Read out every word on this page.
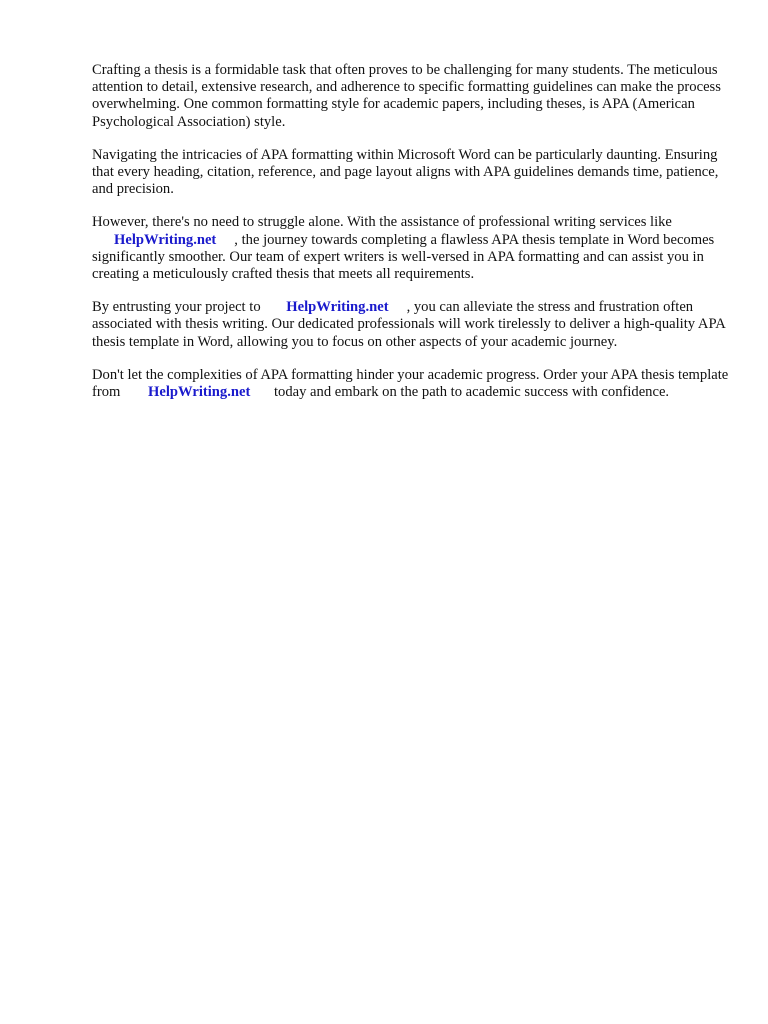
Crafting a thesis is a formidable task that often proves to be challenging for many students. The meticulous attention to detail, extensive research, and adherence to specific formatting guidelines can make the process overwhelming. One common formatting style for academic papers, including theses, is APA (American Psychological Association) style.

Navigating the intricacies of APA formatting within Microsoft Word can be particularly daunting. Ensuring that every heading, citation, reference, and page layout aligns with APA guidelines demands time, patience, and precision.

However, there's no need to struggle alone. With the assistance of professional writing services like HelpWriting.net , the journey towards completing a flawless APA thesis template in Word becomes significantly smoother. Our team of expert writers is well-versed in APA formatting and can assist you in creating a meticulously crafted thesis that meets all requirements.

By entrusting your project to HelpWriting.net , you can alleviate the stress and frustration often associated with thesis writing. Our dedicated professionals will work tirelessly to deliver a high-quality APA thesis template in Word, allowing you to focus on other aspects of your academic journey.

Don't let the complexities of APA formatting hinder your academic progress. Order your APA thesis template from HelpWriting.net today and embark on the path to academic success with confidence.
